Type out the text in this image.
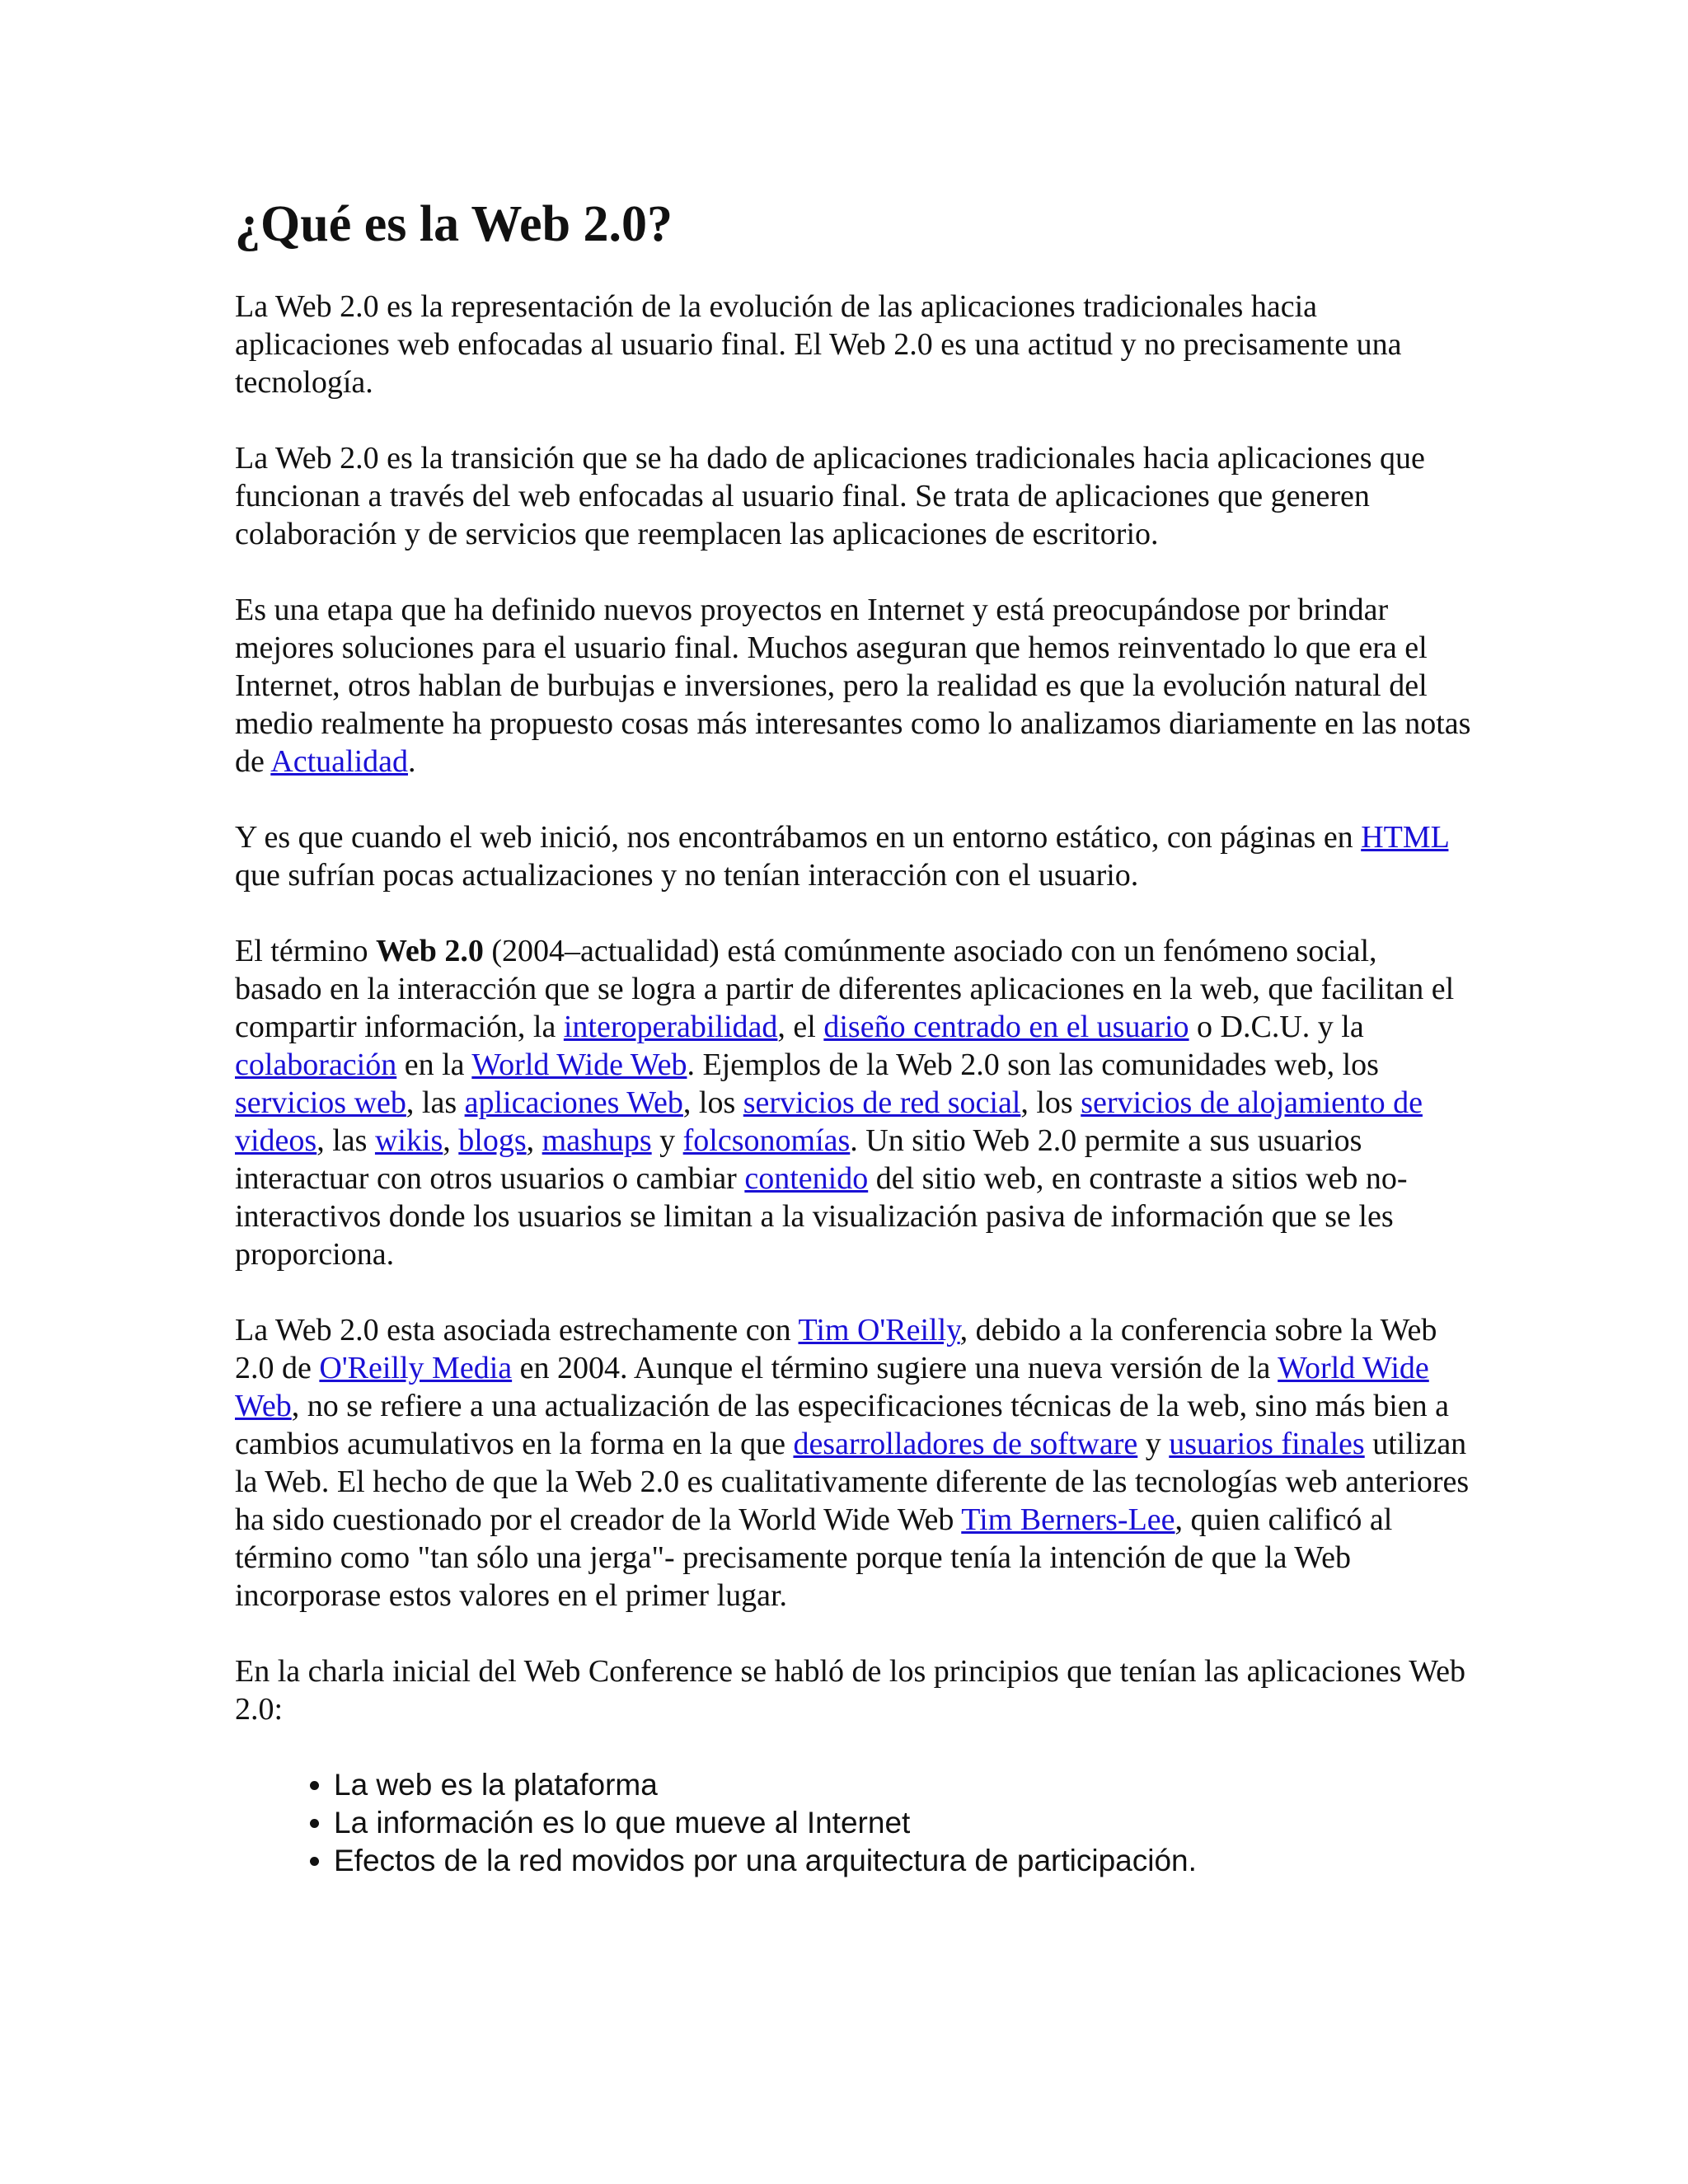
¿Qué es la Web 2.0?

La Web 2.0 es la representación de la evolución de las aplicaciones tradicionales hacia aplicaciones web enfocadas al usuario final. El Web 2.0 es una actitud y no precisamente una tecnología.

La Web 2.0 es la transición que se ha dado de aplicaciones tradicionales hacia aplicaciones que funcionan a través del web enfocadas al usuario final. Se trata de aplicaciones que generen colaboración y de servicios que reemplacen las aplicaciones de escritorio.

Es una etapa que ha definido nuevos proyectos en Internet y está preocupándose por brindar mejores soluciones para el usuario final. Muchos aseguran que hemos reinventado lo que era el Internet, otros hablan de burbujas e inversiones, pero la realidad es que la evolución natural del medio realmente ha propuesto cosas más interesantes como lo analizamos diariamente en las notas de Actualidad.

Y es que cuando el web inició, nos encontrábamos en un entorno estático, con páginas en HTML que sufrían pocas actualizaciones y no tenían interacción con el usuario.

El término Web 2.0 (2004–actualidad) está comúnmente asociado con un fenómeno social, basado en la interacción que se logra a partir de diferentes aplicaciones en la web, que facilitan el compartir información, la interoperabilidad, el diseño centrado en el usuario o D.C.U. y la colaboración en la World Wide Web. Ejemplos de la Web 2.0 son las comunidades web, los servicios web, las aplicaciones Web, los servicios de red social, los servicios de alojamiento de videos, las wikis, blogs, mashups y folcsonomías. Un sitio Web 2.0 permite a sus usuarios interactuar con otros usuarios o cambiar contenido del sitio web, en contraste a sitios web no-interactivos donde los usuarios se limitan a la visualización pasiva de información que se les proporciona.

La Web 2.0 esta asociada estrechamente con Tim O'Reilly, debido a la conferencia sobre la Web 2.0 de O'Reilly Media en 2004. Aunque el término sugiere una nueva versión de la World Wide Web, no se refiere a una actualización de las especificaciones técnicas de la web, sino más bien a cambios acumulativos en la forma en la que desarrolladores de software y usuarios finales utilizan la Web. El hecho de que la Web 2.0 es cualitativamente diferente de las tecnologías web anteriores ha sido cuestionado por el creador de la World Wide Web Tim Berners-Lee, quien calificó al término como "tan sólo una jerga"- precisamente porque tenía la intención de que la Web incorporase estos valores en el primer lugar.

En la charla inicial del Web Conference se habló de los principios que tenían las aplicaciones Web 2.0:

• La web es la plataforma
• La información es lo que mueve al Internet
• Efectos de la red movidos por una arquitectura de participación.
